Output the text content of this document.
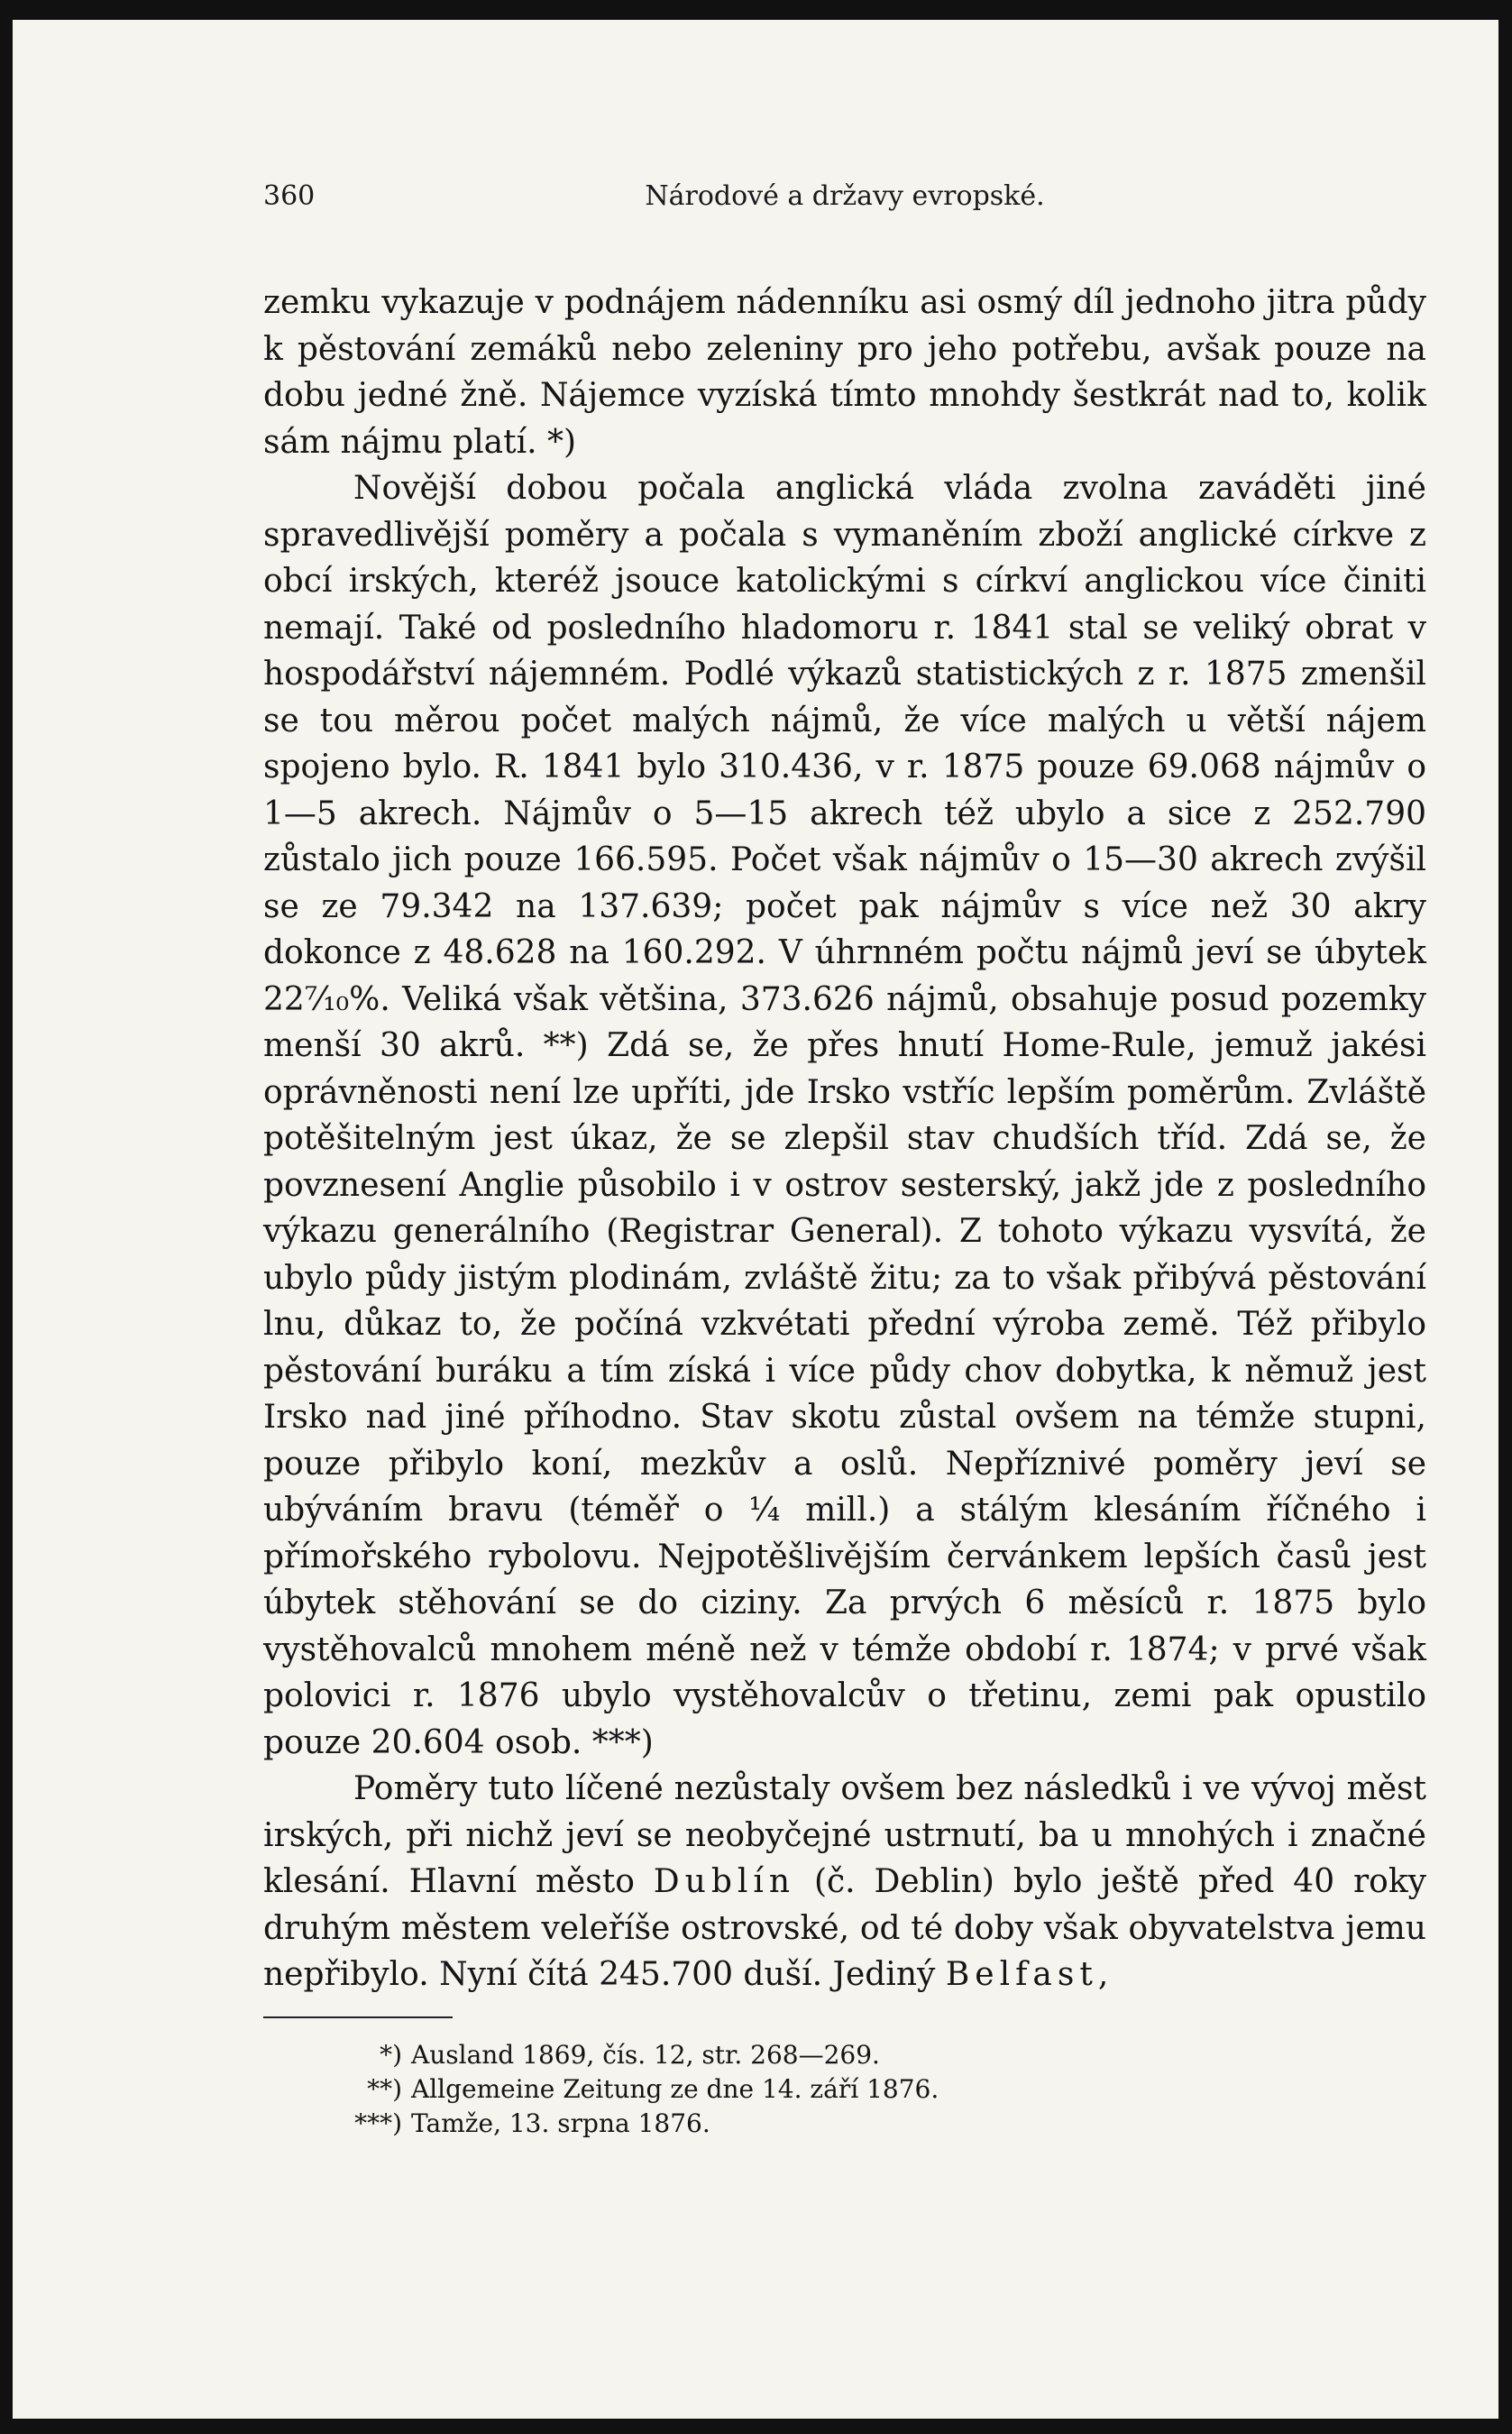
360	Národové a državy evropské.

zemku vykazuje v podnájem nádenníku asi osmý díl jednoho jitra půdy k pěstování zemáků nebo zeleniny pro jeho potřebu, avšak pouze na dobu jedné žně. Nájemce vyzíská tímto mnohdy šestkrát nad to, kolik sám nájmu platí. *)

Novější dobou počala anglická vláda zvolna zaváděti jiné spravedlivější poměry a počala s vymaněním zboží anglické církve z obcí irských, kteréž jsouce katolickými s církví anglickou více činiti nemají. Také od posledního hladomoru r. 1841 stal se veliký obrat v hospodářství nájemném. Podlé výkazů statistických z r. 1875 zmenšil se tou měrou počet malých nájmů, že více malých u větší nájem spojeno bylo. R. 1841 bylo 310.436, v r. 1875 pouze 69.068 nájmův o 1—5 akrech. Nájmův o 5—15 akrech též ubylo a sice z 252.790 zůstalo jich pouze 166.595. Počet však nájmův o 15—30 akrech zvýšil se ze 79.342 na 137.639; počet pak nájmův s více než 30 akry dokonce z 48.628 na 160.292. V úhrnném počtu nájmů jeví se úbytek 22⁷⁄₁₀%. Veliká však většina, 373.626 nájmů, obsahuje posud pozemky menší 30 akrů. **) Zdá se, že přes hnutí Home-Rule, jemuž jakési oprávněnosti není lze upříti, jde Irsko vstříc lepším poměrům. Zvláště potěšitelným jest úkaz, že se zlepšil stav chudších tříd. Zdá se, že povznesení Anglie působilo i v ostrov sesterský, jakž jde z posledního výkazu generálního (Registrar General). Z tohoto výkazu vysvítá, že ubylo půdy jistým plodinám, zvláště žitu; za to však přibývá pěstování lnu, důkaz to, že počíná vzkvétati přední výroba země. Též přibylo pěstování buráku a tím získá i více půdy chov dobytka, k němuž jest Irsko nad jiné příhodno. Stav skotu zůstal ovšem na témže stupni, pouze přibylo koní, mezkův a oslů. Nepříznivé poměry jeví se ubýváním bravu (téměř o ¼ mill.) a stálým klesáním říčného i přímořského rybolovu. Nejpotěšlivějším červánkem lepších časů jest úbytek stěhování se do ciziny. Za prvých 6 měsíců r. 1875 bylo vystěhovalců mnohem méně než v témže období r. 1874; v prvé však polovici r. 1876 ubylo vystěhovalcův o třetinu, zemi pak opustilo pouze 20.604 osob. ***)

Poměry tuto líčené nezůstaly ovšem bez následků i ve vývoj měst irských, při nichž jeví se neobyčejné ustrnutí, ba u mnohých i značné klesání. Hlavní město Dublín (č. Deblin) bylo ještě před 40 roky druhým městem veleříše ostrovské, od té doby však obyvatelstva jemu nepřibylo. Nyní čítá 245.700 duší. Jediný Belfast,

*) Ausland 1869, čís. 12, str. 268—269.
**) Allgemeine Zeitung ze dne 14. září 1876.
***) Tamže, 13. srpna 1876.
